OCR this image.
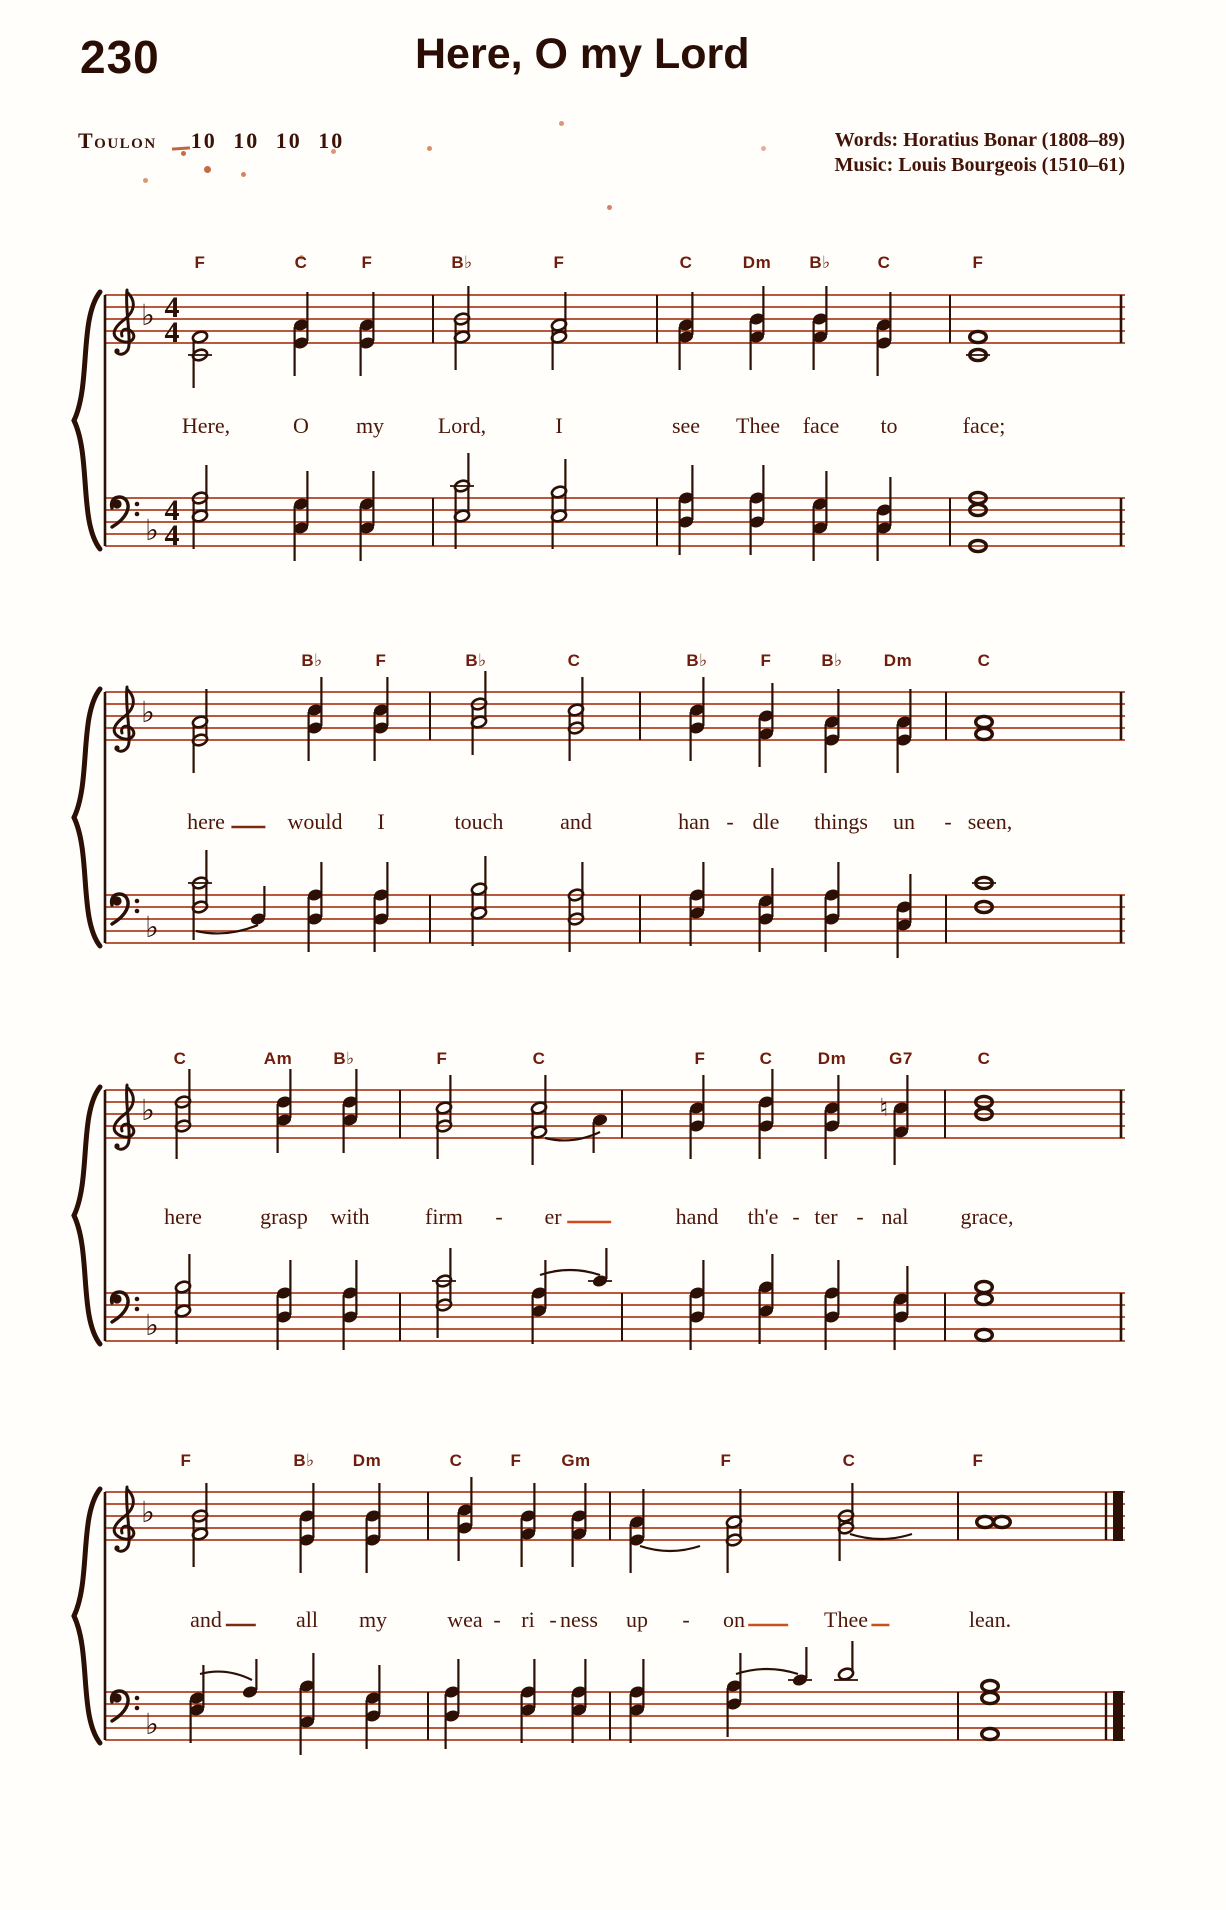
230	Here, O my Lord
Toulon 10 10 10 10	Words: Horatius Bonar (1808–89)
Music: Louis Bourgeois (1510–61)
♭
♭
4
4
4
4
F	C	F	B♭	F	C	Dm B♭	C	F
Here,	O my Lord,	I	see Thee face to	face;
♭
♭
B♭	F	B♭	C	B♭	F	B♭ Dm	C
here	would I	touch	and	han - dle things un - seen,
♭
♭
♮
C	Am B♭	F	C	F	C	Dm	G7	C
here	grasp with	firm - er	hand th'e - ter - nal grace,
♭
♭
F	B♭ Dm	C	F Gm	F	C	F
and	all my	wea - ri - ness up - on	Thee	lean.
